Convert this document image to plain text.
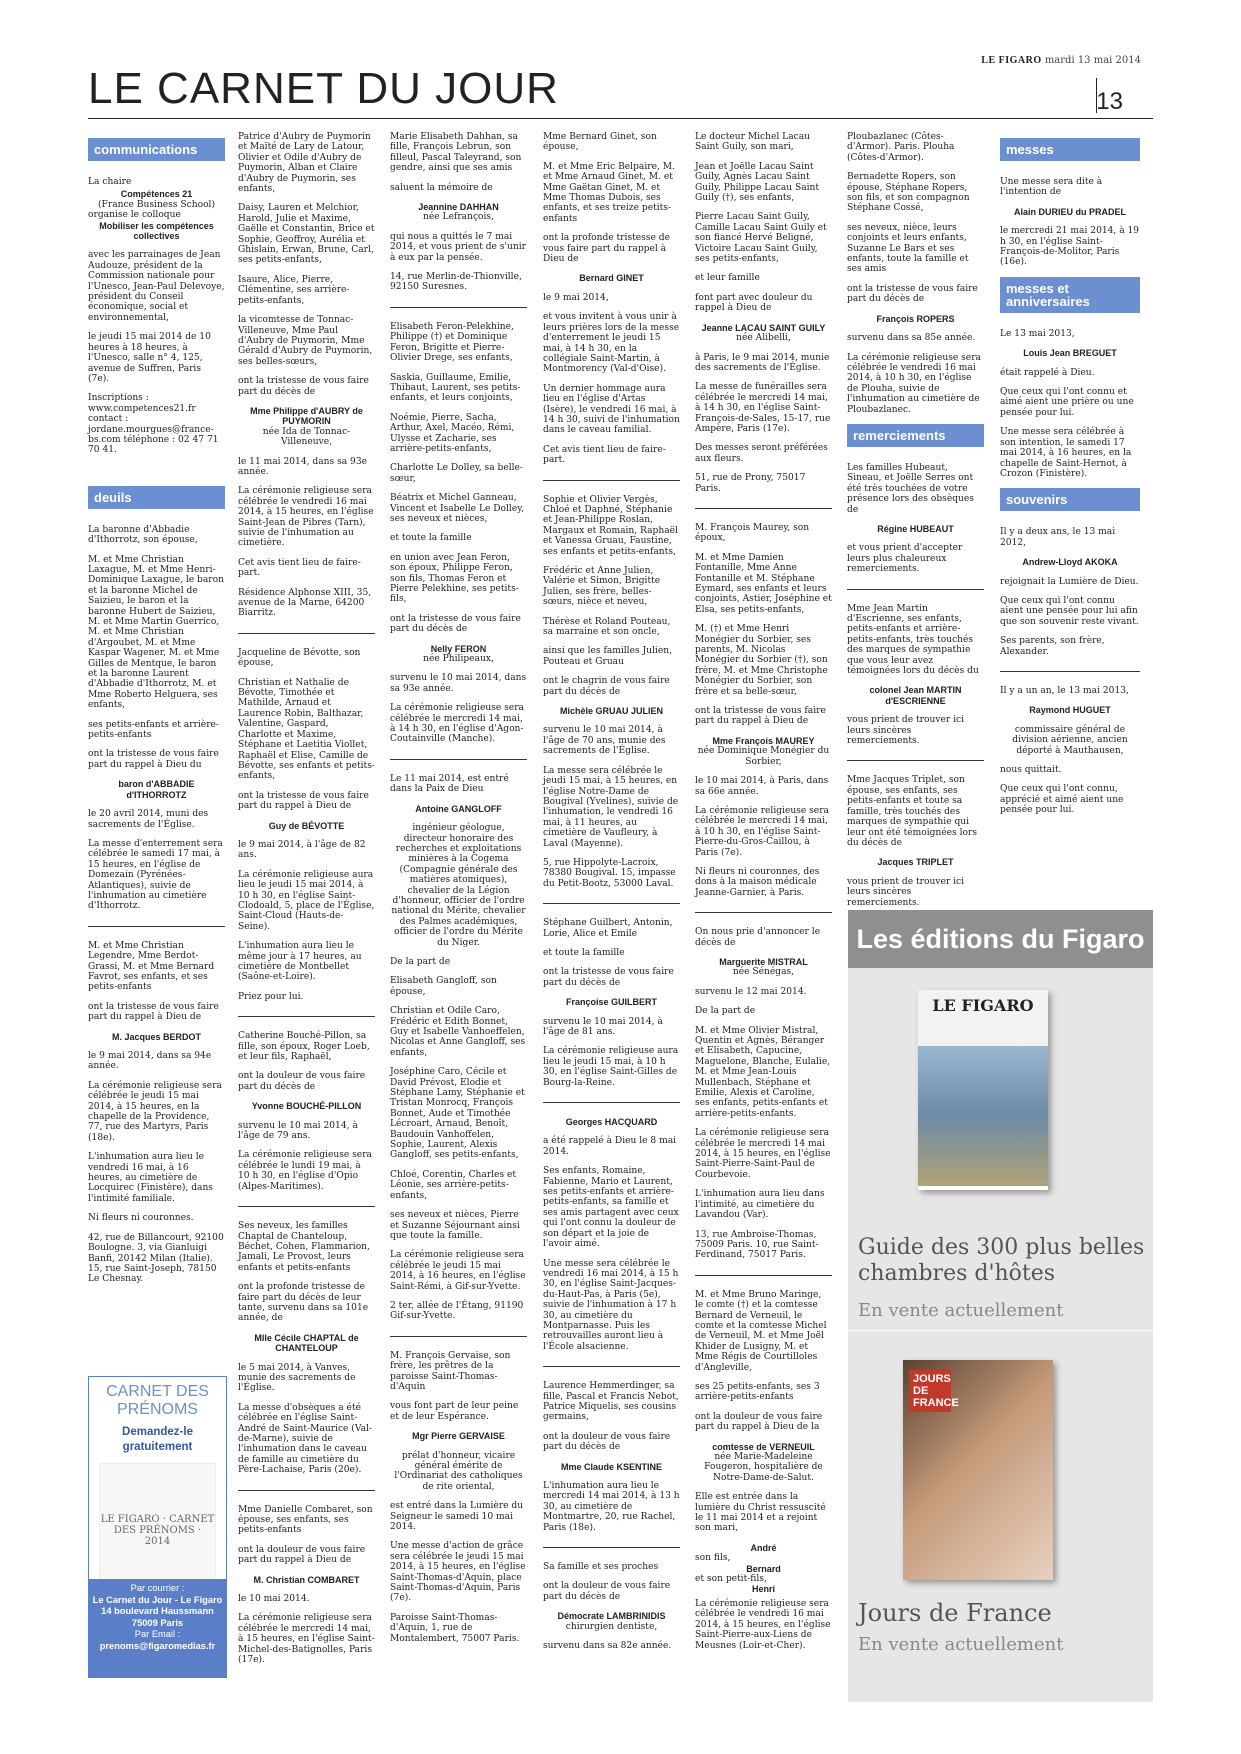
LE FIGARO mardi 13 mai 2014
LE CARNET DU JOUR	13
communications

La chaire

Compétences 21
(France Business School)
organise le colloque
Mobiliser les compétences collectives

avec les parrainages de Jean Audouze, président de la Commission nationale pour l'Unesco, Jean-Paul Delevoye, président du Conseil économique, social et environnemental,

le jeudi 15 mai 2014 de 10 heures à 18 heures, à l'Unesco, salle n° 4, 125, avenue de Suffren, Paris (7e).

Inscriptions : www.competences21.fr contact : jordane.mourgues@france-bs.com téléphone : 02 47 71 70 41.

deuils

La baronne d'Abbadie d'Ithorrotz, son épouse,

M. et Mme Christian Laxague, M. et Mme Henri-Dominique Laxague, le baron et la baronne Michel de Saizieu, le baron et la baronne Hubert de Saizieu, M. et Mme Martin Guerrico, M. et Mme Christian d'Argoubet, M. et Mme Kaspar Wagener, M. et Mme Gilles de Mentque, le baron et la baronne Laurent d'Abbadie d'Ithorrotz, M. et Mme Roberto Helguera, ses enfants,

ses petits-enfants et arrière-petits-enfants

ont la tristesse de vous faire part du rappel à Dieu du

baron d'ABBADIE d'ITHORROTZ

le 20 avril 2014, muni des sacrements de l'Église.

La messe d'enterrement sera célébrée le samedi 17 mai, à 15 heures, en l'église de Domezain (Pyrénées-Atlantiques), suivie de l'inhumation au cimetière d'Ithorrotz.

M. et Mme Christian Legendre, Mme Berdot-Grassi, M. et Mme Bernard Favrot, ses enfants, et ses petits-enfants

ont la tristesse de vous faire part du rappel à Dieu de

M. Jacques BERDOT

le 9 mai 2014, dans sa 94e année.

La cérémonie religieuse sera célébrée le jeudi 15 mai 2014, à 15 heures, en la chapelle de la Providence, 77, rue des Martyrs, Paris (18e).

L'inhumation aura lieu le vendredi 16 mai, à 16 heures, au cimetière de Locquirec (Finistère), dans l'intimité familiale.

Ni fleurs ni couronnes.

42, rue de Billancourt, 92100 Boulogne. 3, via Gianluigi Banfi, 20142 Milan (Italie). 15, rue Saint-Joseph, 78150 Le Chesnay.

CARNET DES PRÉNOMS
Demandez-le gratuitement
LE FIGARO · CARNET DES PRÉNOMS · 2014
Par courrier :
Le Carnet du Jour - Le Figaro
14 boulevard Haussmann
75009 Paris
Par Email :
prenoms@figaromedias.fr

Patrice d'Aubry de Puymorin et Maïté de Lary de Latour, Olivier et Odile d'Aubry de Puymorin, Alban et Claire d'Aubry de Puymorin, ses enfants,

Daisy, Lauren et Melchior, Harold, Julie et Maxime, Gaëlle et Constantin, Brice et Sophie, Geoffroy, Aurélia et Ghislain, Erwan, Brune, Carl, ses petits-enfants,

Isaure, Alice, Pierre, Clémentine, ses arrière-petits-enfants,

la vicomtesse de Tonnac-Villeneuve, Mme Paul d'Aubry de Puymorin, Mme Gérald d'Aubry de Puymorin, ses belles-sœurs,

ont la tristesse de vous faire part du décès de

Mme Philippe d'AUBRY de PUYMORIN

née Ida de Tonnac-Villeneuve,

le 11 mai 2014, dans sa 93e année.

La cérémonie religieuse sera célébrée le vendredi 16 mai 2014, à 15 heures, en l'église Saint-Jean de Pibres (Tarn), suivie de l'inhumation au cimetière.

Cet avis tient lieu de faire-part.

Résidence Alphonse XIII, 35, avenue de la Marne, 64200 Biarritz.

Jacqueline de Bévotte, son épouse,

Christian et Nathalie de Bévotte, Timothée et Mathilde, Arnaud et Laurence Robin, Balthazar, Valentine, Gaspard, Charlotte et Maxime, Stéphane et Laetitia Viollet, Raphaël et Elise, Camille de Bévotte, ses enfants et petits-enfants,

ont la tristesse de vous faire part du rappel à Dieu de

Guy de BÉVOTTE

le 9 mai 2014, à l'âge de 82 ans.

La cérémonie religieuse aura lieu le jeudi 15 mai 2014, à 10 h 30, en l'église Saint-Clodoald, 5, place de l'Église, Saint-Cloud (Hauts-de-Seine).

L'inhumation aura lieu le même jour à 17 heures, au cimetière de Montbellet (Saône-et-Loire).

Priez pour lui.

Catherine Bouché-Pillon, sa fille, son époux, Roger Loeb, et leur fils, Raphaël,

ont la douleur de vous faire part du décès de

Yvonne BOUCHÉ-PILLON

survenu le 10 mai 2014, à l'âge de 79 ans.

La cérémonie religieuse sera célébrée le lundi 19 mai, à 10 h 30, en l'église d'Opio (Alpes-Maritimes).

Ses neveux, les familles Chaptal de Chanteloup, Béchet, Cohen, Flammarion, Jamali, Le Provost, leurs enfants et petits-enfants

ont la profonde tristesse de faire part du décès de leur tante, survenu dans sa 101e année, de

Mlle Cécile CHAPTAL de CHANTELOUP

le 5 mai 2014, à Vanves, munie des sacrements de l'Église.

La messe d'obsèques a été célébrée en l'église Saint-André de Saint-Maurice (Val-de-Marne), suivie de l'inhumation dans le caveau de famille au cimetière du Père-Lachaise, Paris (20e).

Mme Danielle Combaret, son épouse, ses enfants, ses petits-enfants

ont la douleur de vous faire part du rappel à Dieu de

M. Christian COMBARET

le 10 mai 2014.

La cérémonie religieuse sera célébrée le mercredi 14 mai, à 15 heures, en l'église Saint-Michel-des-Batignolles, Paris (17e).

Marie Elisabeth Dahhan, sa fille, François Lebrun, son filleul, Pascal Taleyrand, son gendre, ainsi que ses amis

saluent la mémoire de

Jeannine DAHHAN

née Lefrançois,

qui nous a quittés le 7 mai 2014, et vous prient de s'unir à eux par la pensée.

14, rue Merlin-de-Thionville, 92150 Suresnes.

Elisabeth Feron-Pelekhine, Philippe (†) et Dominique Feron, Brigitte et Pierre-Olivier Drege, ses enfants,

Saskia, Guillaume, Emilie, Thibaut, Laurent, ses petits-enfants, et leurs conjoints,

Noémie, Pierre, Sacha, Arthur, Axel, Macéo, Rémi, Ulysse et Zacharie, ses arrière-petits-enfants,

Charlotte Le Dolley, sa belle-sœur,

Béatrix et Michel Ganneau, Vincent et Isabelle Le Dolley, ses neveux et nièces,

et toute la famille

en union avec Jean Feron, son époux, Philippe Feron, son fils, Thomas Feron et Pierre Pelekhine, ses petits-fils,

ont la tristesse de vous faire part du décès de

Nelly FERON

née Philipeaux,

survenu le 10 mai 2014, dans sa 93e année.

La cérémonie religieuse sera célébrée le mercredi 14 mai, à 14 h 30, en l'église d'Agon-Coutainville (Manche).

Le 11 mai 2014, est entré dans la Paix de Dieu

Antoine GANGLOFF

ingénieur géologue, directeur honoraire des recherches et exploitations minières à la Cogema (Compagnie générale des matières atomiques), chevalier de la Légion d'honneur, officier de l'ordre national du Mérite, chevalier des Palmes académiques, officier de l'ordre du Mérite du Niger.

De la part de

Elisabeth Gangloff, son épouse,

Christian et Odile Caro, Frédéric et Edith Bonnet, Guy et Isabelle Vanhoeffelen, Nicolas et Anne Gangloff, ses enfants,

Joséphine Caro, Cécile et David Prévost, Elodie et Stéphane Lamy, Stéphanie et Tristan Monrocq, François Bonnet, Aude et Timothée Lécroart, Arnaud, Benoît, Baudouin Vanhoffelen, Sophie, Laurent, Alexis Gangloff, ses petits-enfants,

Chloé, Corentin, Charles et Léonie, ses arrière-petits-enfants,

ses neveux et nièces, Pierre et Suzanne Séjournant ainsi que toute la famille.

La cérémonie religieuse sera célébrée le jeudi 15 mai 2014, à 16 heures, en l'église Saint-Rémi, à Gif-sur-Yvette.

2 ter, allée de l'Étang, 91190 Gif-sur-Yvette.

M. François Gervaise, son frère, les prêtres de la paroisse Saint-Thomas-d'Aquin

vous font part de leur peine et de leur Espérance.

Mgr Pierre GERVAISE

prélat d'honneur, vicaire général émérite de l'Ordinariat des catholiques de rite oriental,

est entré dans la Lumière du Seigneur le samedi 10 mai 2014.

Une messe d'action de grâce sera célébrée le jeudi 15 mai 2014, à 15 heures, en l'église Saint-Thomas-d'Aquin, place Saint-Thomas-d'Aquin, Paris (7e).

Paroisse Saint-Thomas-d'Aquin, 1, rue de Montalembert, 75007 Paris.

Mme Bernard Ginet, son épouse,

M. et Mme Eric Belpaire, M. et Mme Arnaud Ginet, M. et Mme Gaëtan Ginet, M. et Mme Thomas Dubois, ses enfants, et ses treize petits-enfants

ont la profonde tristesse de vous faire part du rappel à Dieu de

Bernard GINET

le 9 mai 2014,

et vous invitent à vous unir à leurs prières lors de la messe d'enterrement le jeudi 15 mai, à 14 h 30, en la collégiale Saint-Martin, à Montmorency (Val-d'Oise).

Un dernier hommage aura lieu en l'église d'Artas (Isère), le vendredi 16 mai, à 14 h 30, suivi de l'inhumation dans le caveau familial.

Cet avis tient lieu de faire-part.

Sophie et Olivier Vergès, Chloé et Daphné, Stéphanie et Jean-Philippe Roslan, Margaux et Romain, Raphaël et Vanessa Gruau, Faustine, ses enfants et petits-enfants,

Frédéric et Anne Julien, Valérie et Simon, Brigitte Julien, ses frère, belles-sœurs, nièce et neveu,

Thérèse et Roland Pouteau, sa marraine et son oncle,

ainsi que les familles Julien, Pouteau et Gruau

ont le chagrin de vous faire part du décès de

Michèle GRUAU JULIEN

survenu le 10 mai 2014, à l'âge de 70 ans, munie des sacrements de l'Église.

La messe sera célébrée le jeudi 15 mai, à 15 heures, en l'église Notre-Dame de Bougival (Yvelines), suivie de l'inhumation, le vendredi 16 mai, à 11 heures, au cimetière de Vaufleury, à Laval (Mayenne).

5, rue Hippolyte-Lacroix, 78380 Bougival. 15, impasse du Petit-Bootz, 53000 Laval.

Stéphane Guilbert, Antonin, Lorie, Alice et Emile

et toute la famille

ont la tristesse de vous faire part du décès de

Françoise GUILBERT

survenu le 10 mai 2014, à l'âge de 81 ans.

La cérémonie religieuse aura lieu le jeudi 15 mai, à 10 h 30, en l'église Saint-Gilles de Bourg-la-Reine.

Georges HACQUARD

a été rappelé à Dieu le 8 mai 2014.

Ses enfants, Romaine, Fabienne, Mario et Laurent, ses petits-enfants et arrière-petits-enfants, sa famille et ses amis partagent avec ceux qui l'ont connu la douleur de son départ et la joie de l'avoir aimé.

Une messe sera célébrée le vendredi 16 mai 2014, à 15 h 30, en l'église Saint-Jacques-du-Haut-Pas, à Paris (5e), suivie de l'inhumation à 17 h 30, au cimetière du Montparnasse. Puis les retrouvailles auront lieu à l'École alsacienne.

Laurence Hemmerdinger, sa fille, Pascal et Francis Nebot, Patrice Miquelis, ses cousins germains,

ont la douleur de vous faire part du décès de

Mme Claude KSENTINE

L'inhumation aura lieu le mercredi 14 mai 2014, à 13 h 30, au cimetière de Montmartre, 20, rue Rachel, Paris (18e).

Sa famille et ses proches

ont la douleur de vous faire part du décès de

Démocrate LAMBRINIDIS

chirurgien dentiste,

survenu dans sa 82e année.

Le docteur Michel Lacau Saint Guily, son mari,

Jean et Joëlle Lacau Saint Guily, Agnès Lacau Saint Guily, Philippe Lacau Saint Guily (†), ses enfants,

Pierre Lacau Saint Guily, Camille Lacau Saint Guily et son fiancé Hervé Beligné, Victoire Lacau Saint Guily, ses petits-enfants,

et leur famille

font part avec douleur du rappel à Dieu de

Jeanne LACAU SAINT GUILY

née Alibelli,

à Paris, le 9 mai 2014, munie des sacrements de l'Église.

La messe de funérailles sera célébrée le mercredi 14 mai, à 14 h 30, en l'église Saint-François-de-Sales, 15-17, rue Ampère, Paris (17e).

Des messes seront préférées aux fleurs.

51, rue de Prony, 75017 Paris.

M. François Maurey, son époux,

M. et Mme Damien Fontanille, Mme Anne Fontanille et M. Stéphane Eymard, ses enfants et leurs conjoints, Astier, Joséphine et Elsa, ses petits-enfants,

M. (†) et Mme Henri Monégier du Sorbier, ses parents, M. Nicolas Monégier du Sorbier (†), son frère, M. et Mme Christophe Monégier du Sorbier, son frère et sa belle-sœur,

ont la tristesse de vous faire part du rappel à Dieu de

Mme François MAUREY

née Dominique Monégier du Sorbier,

le 10 mai 2014, à Paris, dans sa 66e année.

La cérémonie religieuse sera célébrée le mercredi 14 mai, à 10 h 30, en l'église Saint-Pierre-du-Gros-Caillou, à Paris (7e).

Ni fleurs ni couronnes, des dons à la maison médicale Jeanne-Garnier, à Paris.

On nous prie d'annoncer le décès de

Marguerite MISTRAL

née Sénégas,

survenu le 12 mai 2014.

De la part de

M. et Mme Olivier Mistral, Quentin et Agnès, Béranger et Elisabeth, Capucine, Maguelone, Blanche, Eulalie, M. et Mme Jean-Louis Mullenbach, Stéphane et Emilie, Alexis et Caroline, ses enfants, petits-enfants et arrière-petits-enfants.

La cérémonie religieuse sera célébrée le mercredi 14 mai 2014, à 15 heures, en l'église Saint-Pierre-Saint-Paul de Courbevoie.

L'inhumation aura lieu dans l'intimité, au cimetière du Lavandou (Var).

13, rue Ambroise-Thomas, 75009 Paris. 10, rue Saint-Ferdinand, 75017 Paris.

M. et Mme Bruno Maringe, le comte (†) et la comtesse Bernard de Verneuil, le comte et la comtesse Michel de Verneuil, M. et Mme Joël Khider de Lusigny, M. et Mme Régis de Courtilloles d'Angleville,

ses 25 petits-enfants, ses 3 arrière-petits-enfants

ont la douleur de vous faire part du rappel à Dieu de la

comtesse de VERNEUIL

née Marie-Madeleine Fougeron, hospitalière de Notre-Dame-de-Salut.

Elle est entrée dans la lumière du Christ ressuscité le 11 mai 2014 et a rejoint son mari,

André
son fils,
Bernard
et son petit-fils,
Henri

La cérémonie religieuse sera célébrée le vendredi 16 mai 2014, à 15 heures, en l'église Saint-Pierre-aux-Liens de Meusnes (Loir-et-Cher).

Ploubazlanec (Côtes-d'Armor). Paris. Plouha (Côtes-d'Armor).

Bernadette Ropers, son épouse, Stéphane Ropers, son fils, et son compagnon Stéphane Cossé,

ses neveux, nièce, leurs conjoints et leurs enfants, Suzanne Le Bars et ses enfants, toute la famille et ses amis

ont la tristesse de vous faire part du décès de

François ROPERS

survenu dans sa 85e année.

La cérémonie religieuse sera célébrée le vendredi 16 mai 2014, à 10 h 30, en l'église de Plouha, suivie de l'inhumation au cimetière de Ploubazlanec.

remerciements

Les familles Hubeaut, Sineau, et Joëlle Serres ont été très touchées de votre présence lors des obsèques de

Régine HUBEAUT

et vous prient d'accepter leurs plus chaleureux remerciements.

Mme Jean Martin d'Escrienne, ses enfants, petits-enfants et arrière-petits-enfants, très touchés des marques de sympathie que vous leur avez témoignées lors du décès du

colonel Jean MARTIN d'ESCRIENNE

vous prient de trouver ici leurs sincères remerciements.

Mme Jacques Triplet, son épouse, ses enfants, ses petits-enfants et toute sa famille, très touchés des marques de sympathie qui leur ont été témoignées lors du décès de

Jacques TRIPLET

vous prient de trouver ici leurs sincères remerciements.

messes

Une messe sera dite à l'intention de

Alain DURIEU du PRADEL

le mercredi 21 mai 2014, à 19 h 30, en l'église Saint-François-de-Molitor, Paris (16e).

messes et anniversaires

Le 13 mai 2013,

Louis Jean BREGUET

était rappelé à Dieu.

Que ceux qui l'ont connu et aimé aient une prière ou une pensée pour lui.

Une messe sera célébrée à son intention, le samedi 17 mai 2014, à 16 heures, en la chapelle de Saint-Hernot, à Crozon (Finistère).

souvenirs

Il y a deux ans, le 13 mai 2012,

Andrew-Lloyd AKOKA

rejoignait la Lumière de Dieu.

Que ceux qui l'ont connu aient une pensée pour lui afin que son souvenir reste vivant.

Ses parents, son frère, Alexander.

Il y a un an, le 13 mai 2013,

Raymond HUGUET

commissaire général de division aérienne, ancien déporté à Mauthausen,

nous quittait.

Que ceux qui l'ont connu, apprécié et aimé aient une pensée pour lui.

Les éditions du Figaro
LE FIGARO
Guide des 300 plus belles chambres d'hôtes
En vente actuellement
JOURS DE FRANCE
Jours de France
En vente actuellement
